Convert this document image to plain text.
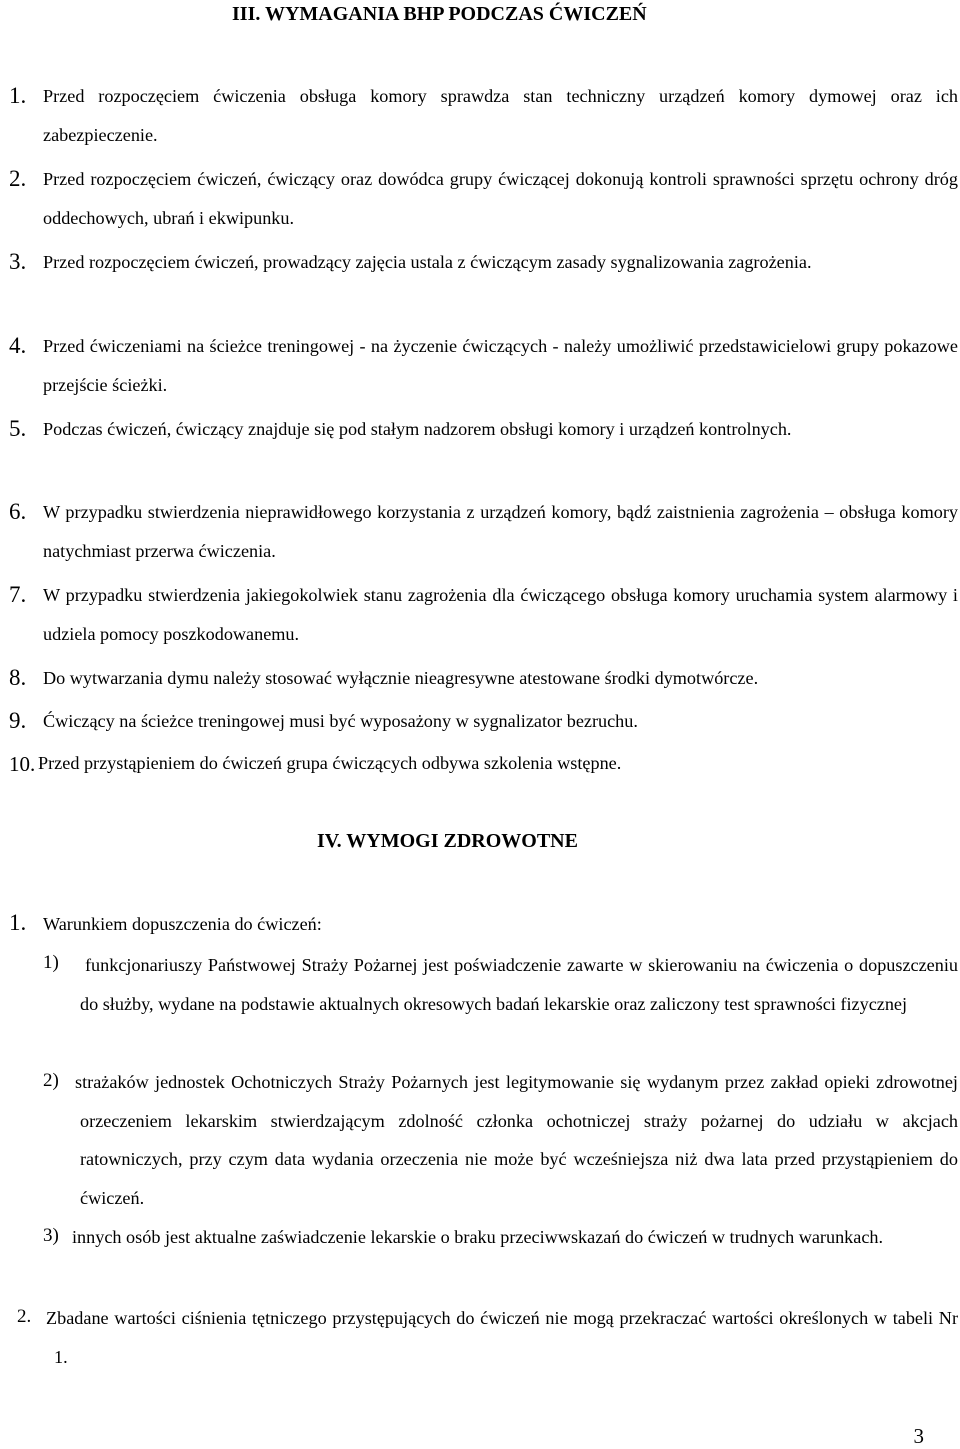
III. WYMAGANIA BHP PODCZAS ĆWICZEŃ
1. Przed rozpoczęciem ćwiczenia obsługa komory sprawdza stan techniczny urządzeń komory dymowej oraz ich zabezpieczenie.

2. Przed rozpoczęciem ćwiczeń, ćwiczący oraz dowódca grupy ćwiczącej dokonują kontroli sprawności sprzętu ochrony dróg oddechowych, ubrań i ekwipunku.

3. Przed rozpoczęciem ćwiczeń, prowadzący zajęcia ustala z ćwiczącym zasady sygnalizowania zagrożenia.

4. Przed ćwiczeniami na ścieżce treningowej - na życzenie ćwiczących - należy umożliwić przedstawicielowi grupy pokazowe przejście ścieżki.

5. Podczas ćwiczeń, ćwiczący znajduje się pod stałym nadzorem obsługi komory i urządzeń kontrolnych.

6. W przypadku stwierdzenia nieprawidłowego korzystania z urządzeń komory, bądź zaistnienia zagrożenia – obsługa komory natychmiast przerwa ćwiczenia.

7. W przypadku stwierdzenia jakiegokolwiek stanu zagrożenia dla ćwiczącego obsługa komory uruchamia system alarmowy i udziela pomocy poszkodowanemu.

8. Do wytwarzania dymu należy stosować wyłącznie nieagresywne atestowane środki dymotwórcze.

9. Ćwiczący na ścieżce treningowej musi być wyposażony w sygnalizator bezruchu.

10. Przed przystąpieniem do ćwiczeń grupa ćwiczących odbywa szkolenia wstępne.

IV. WYMOGI ZDROWOTNE
1. Warunkiem dopuszczenia do ćwiczeń:

1) funkcjonariuszy Państwowej Straży Pożarnej jest poświadczenie zawarte w skierowaniu na ćwiczenia o dopuszczeniu do służby, wydane na podstawie aktualnych okresowych badań lekarskie oraz zaliczony test sprawności fizycznej

2) strażaków jednostek Ochotniczych Straży Pożarnych jest legitymowanie się wydanym przez zakład opieki zdrowotnej orzeczeniem lekarskim stwierdzającym zdolność członka ochotniczej straży pożarnej do udziału w akcjach ratowniczych, przy czym data wydania orzeczenia nie może być wcześniejsza niż dwa lata przed przystąpieniem do ćwiczeń.

3) innych osób jest aktualne zaświadczenie lekarskie o braku przeciwwskazań do ćwiczeń w trudnych warunkach.

2. Zbadane wartości ciśnienia tętniczego przystępujących do ćwiczeń nie mogą przekraczać wartości określonych w tabeli Nr 1.

3
